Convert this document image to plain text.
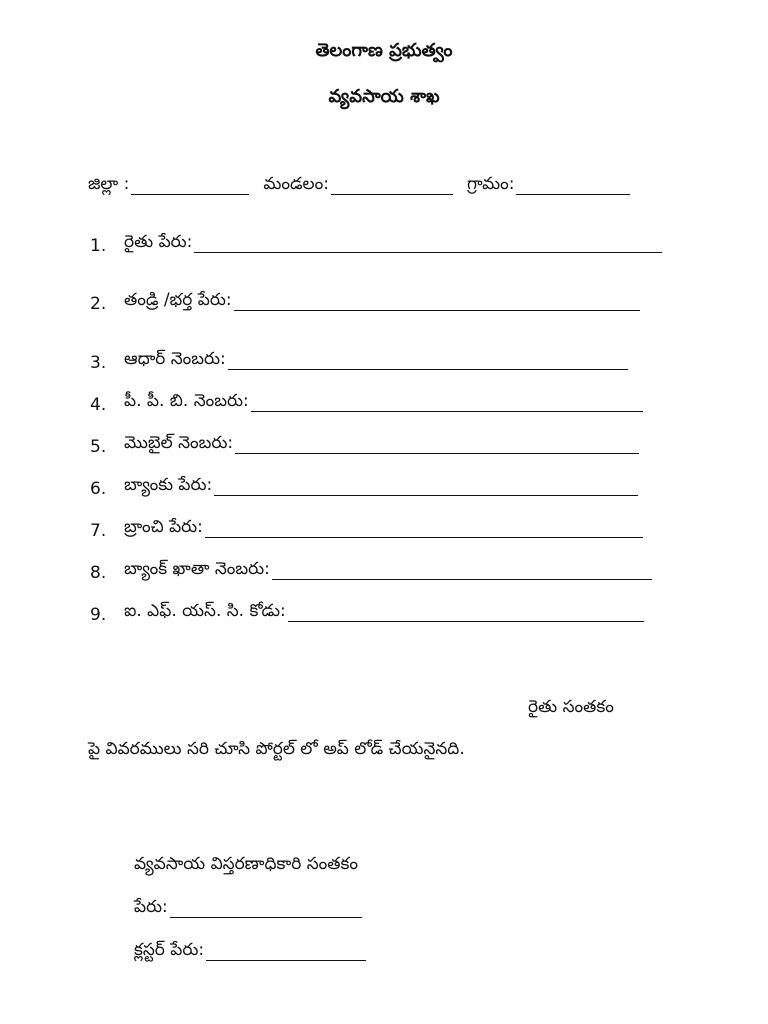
తెలంగాణ ప్రభుత్వం
వ్యవసాయ శాఖ
జిల్లా :	మండలం:	గ్రామం:
1.	రైతు పేరు:
2.	తండ్రి /భర్త పేరు:
3.	ఆధార్ నెంబరు:
4.	పీ. పీ. బి. నెంబరు:
5.	మొబైల్ నెంబరు:
6.	బ్యాంకు పేరు:
7.	బ్రాంచి పేరు:
8.	బ్యాంక్ ఖాతా నెంబరు:
9.	ఐ. ఎఫ్. యస్. సి. కోడు:
రైతు సంతకం
పై వివరములు సరి చూసి పోర్టల్ లో అప్ లోడ్ చేయనైనది.
వ్యవసాయ విస్తరణాధికారి సంతకం
పేరు:
క్లస్టర్ పేరు:
